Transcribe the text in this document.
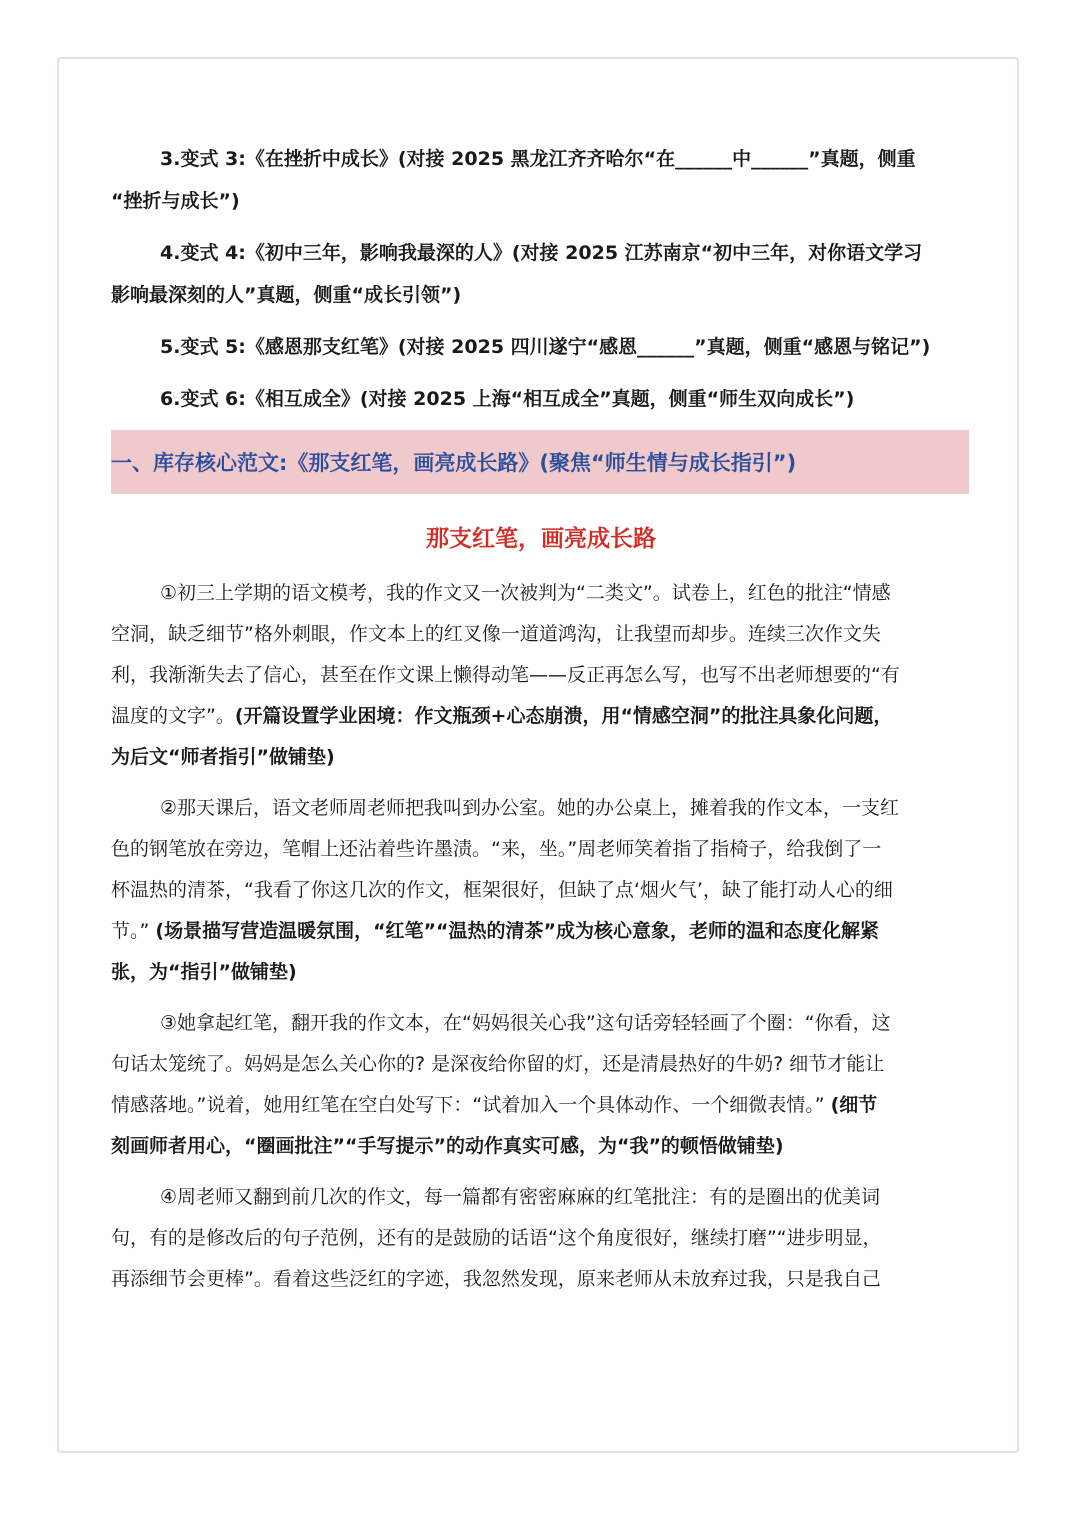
3.变式 3:《在挫折中成长》(对接 2025 黑龙江齐齐哈尔“在______中______”真题，侧重
“挫折与成长”)
4.变式 4:《初中三年，影响我最深的人》(对接 2025 江苏南京“初中三年，对你语文学习
影响最深刻的人”真题，侧重“成长引领”)
5.变式 5:《感恩那支红笔》(对接 2025 四川遂宁“感恩______”真题，侧重“感恩与铭记”)
6.变式 6:《相互成全》(对接 2025 上海“相互成全”真题，侧重“师生双向成长”)
一、库存核心范文:《那支红笔，画亮成长路》(聚焦“师生情与成长指引”)
那支红笔，画亮成长路
①初三上学期的语文模考，我的作文又一次被判为“二类文”。试卷上，红色的批注“情感
空洞，缺乏细节”格外刺眼，作文本上的红叉像一道道鸿沟，让我望而却步。连续三次作文失
利，我渐渐失去了信心，甚至在作文课上懒得动笔——反正再怎么写，也写不出老师想要的“有
温度的文字”。(开篇设置学业困境：作文瓶颈+心态崩溃，用“情感空洞”的批注具象化问题，
为后文“师者指引”做铺垫)
②那天课后，语文老师周老师把我叫到办公室。她的办公桌上，摊着我的作文本，一支红
色的钢笔放在旁边，笔帽上还沾着些许墨渍。“来，坐。”周老师笑着指了指椅子，给我倒了一
杯温热的清茶，“我看了你这几次的作文，框架很好，但缺了点‘烟火气’，缺了能打动人心的细
节。” (场景描写营造温暖氛围，“红笔”“温热的清茶”成为核心意象，老师的温和态度化解紧
张，为“指引”做铺垫)
③她拿起红笔，翻开我的作文本，在“妈妈很关心我”这句话旁轻轻画了个圈：“你看，这
句话太笼统了。妈妈是怎么关心你的? 是深夜给你留的灯，还是清晨热好的牛奶? 细节才能让
情感落地。”说着，她用红笔在空白处写下：“试着加入一个具体动作、一个细微表情。” (细节
刻画师者用心，“圈画批注”“手写提示”的动作真实可感，为“我”的顿悟做铺垫)
④周老师又翻到前几次的作文，每一篇都有密密麻麻的红笔批注：有的是圈出的优美词
句，有的是修改后的句子范例，还有的是鼓励的话语“这个角度很好，继续打磨”“进步明显，
再添细节会更棒”。看着这些泛红的字迹，我忽然发现，原来老师从未放弃过我，只是我自己
